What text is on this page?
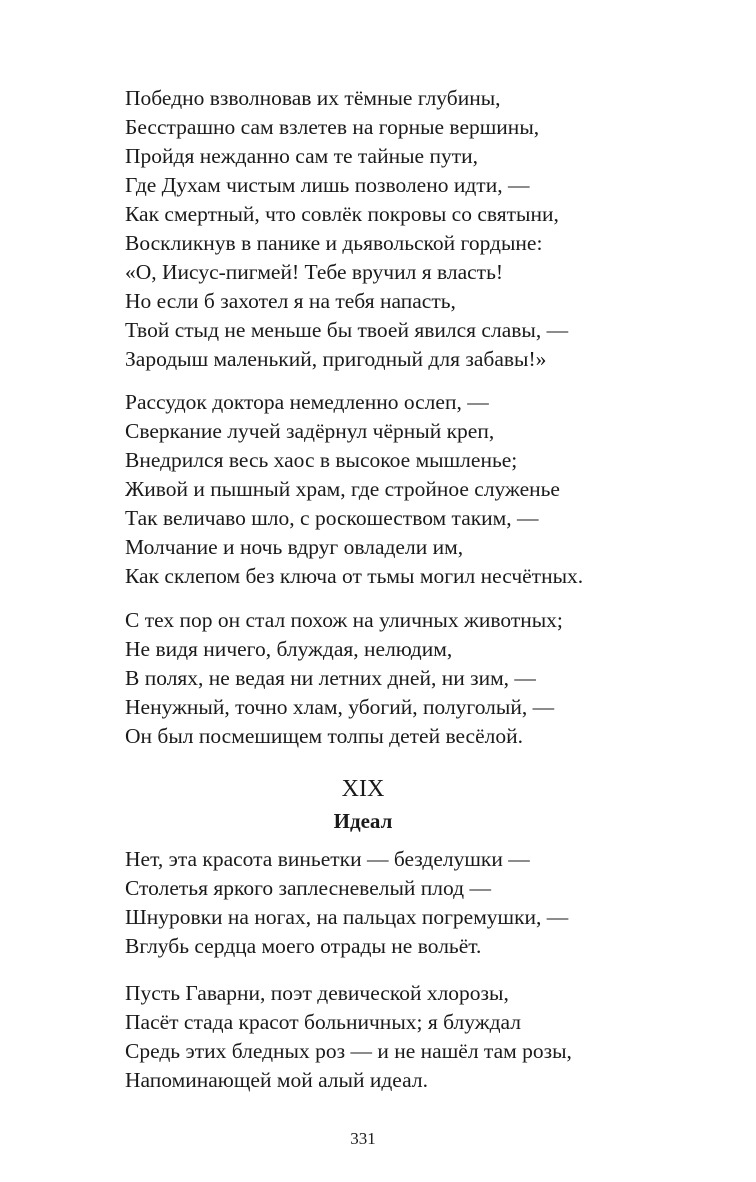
Победно взволновав их тёмные глубины,
Бесстрашно сам взлетев на горные вершины,
Пройдя нежданно сам те тайные пути,
Где Духам чистым лишь позволено идти, —
Как смертный, что совлёк покровы со святыни,
Воскликнув в панике и дьявольской гордыне:
«О, Иисус-пигмей! Тебе вручил я власть!
Но если б захотел я на тебя напасть,
Твой стыд не меньше бы твоей явился славы, —
Зародыш маленький, пригодный для забавы!»
Рассудок доктора немедленно ослеп, —
Сверкание лучей задёрнул чёрный креп,
Внедрился весь хаос в высокое мышленье;
Живой и пышный храм, где стройное служенье
Так величаво шло, с роскошеством таким, —
Молчание и ночь вдруг овладели им,
Как склепом без ключа от тьмы могил несчётных.
С тех пор он стал похож на уличных животных;
Не видя ничего, блуждая, нелюдим,
В полях, не ведая ни летних дней, ни зим, —
Ненужный, точно хлам, убогий, полуголый, —
Он был посмешищем толпы детей весёлой.
XIX
Идеал
Нет, эта красота виньетки — безделушки —
Столетья яркого заплесневелый плод —
Шнуровки на ногах, на пальцах погремушки, —
Вглубь сердца моего отрады не вольёт.
Пусть Гаварни, поэт девической хлорозы,
Пасёт стада красот больничных; я блуждал
Средь этих бледных роз — и не нашёл там розы,
Напоминающей мой алый идеал.
331
